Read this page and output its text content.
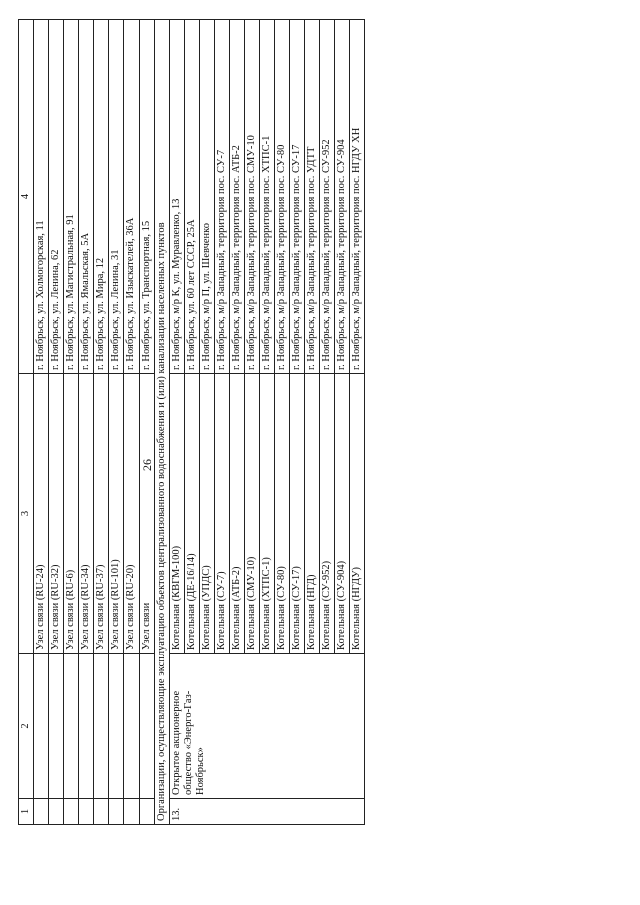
26
1	2	3	4
		Узел связи (RU-24)	г. Ноябрьск, ул. Холмогорская, 11
		Узел связи (RU-32)	г. Ноябрьск, ул. Ленина, 62
		Узел связи (RU-6)	г. Ноябрьск, ул. Магистральная, 91
		Узел связи (RU-34)	г. Ноябрьск, ул. Ямальская, 5А
		Узел связи (RU-37)	г. Ноябрьск, ул. Мира, 12
		Узел связи (RU-101)	г. Ноябрьск, ул. Ленина, 31
		Узел связи (RU-20)	г. Ноябрьск, ул. Изыскателей, 36А
		Узел связи	г. Ноябрьск, ул. Транспортная, 15
Организации, осуществляющие эксплуатацию объектов централизованного водоснабжения и (или) канализации населенных пунктов			
13.	Открытое акционерное общество «Энерго-Газ-Ноябрьск»	Котельная (КВГМ-100)	г. Ноябрьск, м/р К, ул. Муравленко, 13
		Котельная (ДЕ-16/14)	г. Ноябрьск, ул. 60 лет СССР, 25А
		Котельная (УПДС)	г. Ноябрьск, м/р П, ул. Шевченко
		Котельная (СУ-7)	г. Ноябрьск, м/р Западный, территория пос. СУ-7
		Котельная (АТБ-2)	г. Ноябрьск, м/р Западный, территория пос. АТБ-2
		Котельная (СМУ-10)	г. Ноябрьск, м/р Западный, территория пос. СМУ-10
		Котельная (ХТПС-1)	г. Ноябрьск, м/р Западный, территория пос. ХТПС-1
		Котельная (СУ-80)	г. Ноябрьск, м/р Западный, территория пос. СУ-80
		Котельная (СУ-17)	г. Ноябрьск, м/р Западный, территория пос. СУ-17
		Котельная (НГД)	г. Ноябрьск, м/р Западный, территория пос. УДТТ
		Котельная (СУ-952)	г. Ноябрьск, м/р Западный, территория пос. СУ-952
		Котельная (СУ-904)	г. Ноябрьск, м/р Западный, территория пос. СУ-904
		Котельная (НГДУ)	г. Ноябрьск, м/р Западный, территория пос. НГДУ ХН
